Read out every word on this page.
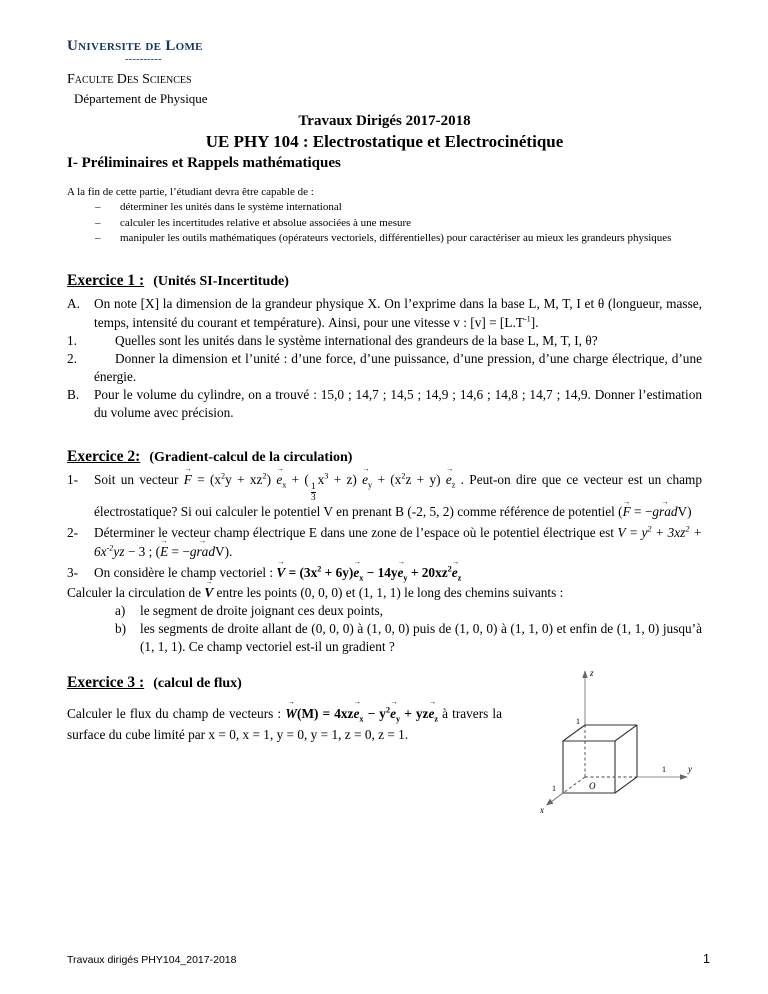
Universite de Lome
----------
Faculte Des Sciences
Département de Physique
Travaux Dirigés 2017-2018
UE PHY 104 : Electrostatique et Electrocinétique
I- Préliminaires et Rappels mathématiques
A la fin de cette partie, l’étudiant devra être capable de :
–	déterminer les unités dans le système international
–	calculer les incertitudes relative et absolue associées à une mesure
–	manipuler les outils mathématiques (opérateurs vectoriels, différentielles) pour caractériser au mieux les grandeurs physiques
Exercice 1 : (Unités SI-Incertitude)
A.	On note [X] la dimension de la grandeur physique X. On l’exprime dans la base L, M, T, I et θ (longueur, masse, temps, intensité du courant et température). Ainsi, pour une vitesse v : $[v] = [L.T^{-1}]$.
1.	Quelles sont les unités dans le système international des grandeurs de la base L, M, T, I, θ?
2.	Donner la dimension et l’unité : d’une force, d’une puissance, d’une pression, d’une charge électrique, d’une énergie.
B.	Pour le volume du cylindre, on a trouvé : 15,0 ; 14,7 ; 14,5 ; 14,9 ; 14,6 ; 14,8 ; 14,7 ; 14,9. Donner l’estimation du volume avec précision.
Exercice 2: (Gradient-calcul de la circulation)
1-	Soit un vecteur F → = $(x^2y + xz^2)$ $e \to_x$ + (
$\frac{1}{3}$
$x^3 + z$) $e \to_y + (x^2z + y)$ $e \to_z$ . Peut-on dire que ce vecteur est un champ électrostatique? Si oui calculer le potentiel V en prenant B (-2, 5, 2) comme référence de potentiel (F → = −grad →V)
2-	Déterminer le vecteur champ électrique E dans une zone de l’espace où le potentiel électrique est $V = y^2 + 3xz^2 + 6x^{-2}yz - 3$ ; (E → = −grad →V).
3-	On considère le champ vectoriel : V → = $(3x^2 + 6y)e \to_x - 14ye \to_y + 20xz^2e \to_z$
Calculer la circulation de V → entre les points (0, 0, 0) et (1, 1, 1) le long des chemins suivants :
a)	le segment de droite joignant ces deux points,
b)	les segments de droite allant de (0, 0, 0) à (1, 0, 0) puis de (1, 0, 0) à (1, 1, 0) et enfin de (1, 1, 0) jusqu’à (1, 1, 1). Ce champ vectoriel est-il un gradient ?
Exercice 3 : (calcul de flux)
Calculer le flux du champ de vecteurs : $W \to(M) = 4xze \to_x - y^2e \to_y$ + yze $\to_z$ à travers la surface du cube limité par x = 0, x = 1, y = 0, y = 1, z = 0, z = 1.
z
y
x
O
1
1
1
Travaux dirigés PHY104_2017-2018	1
